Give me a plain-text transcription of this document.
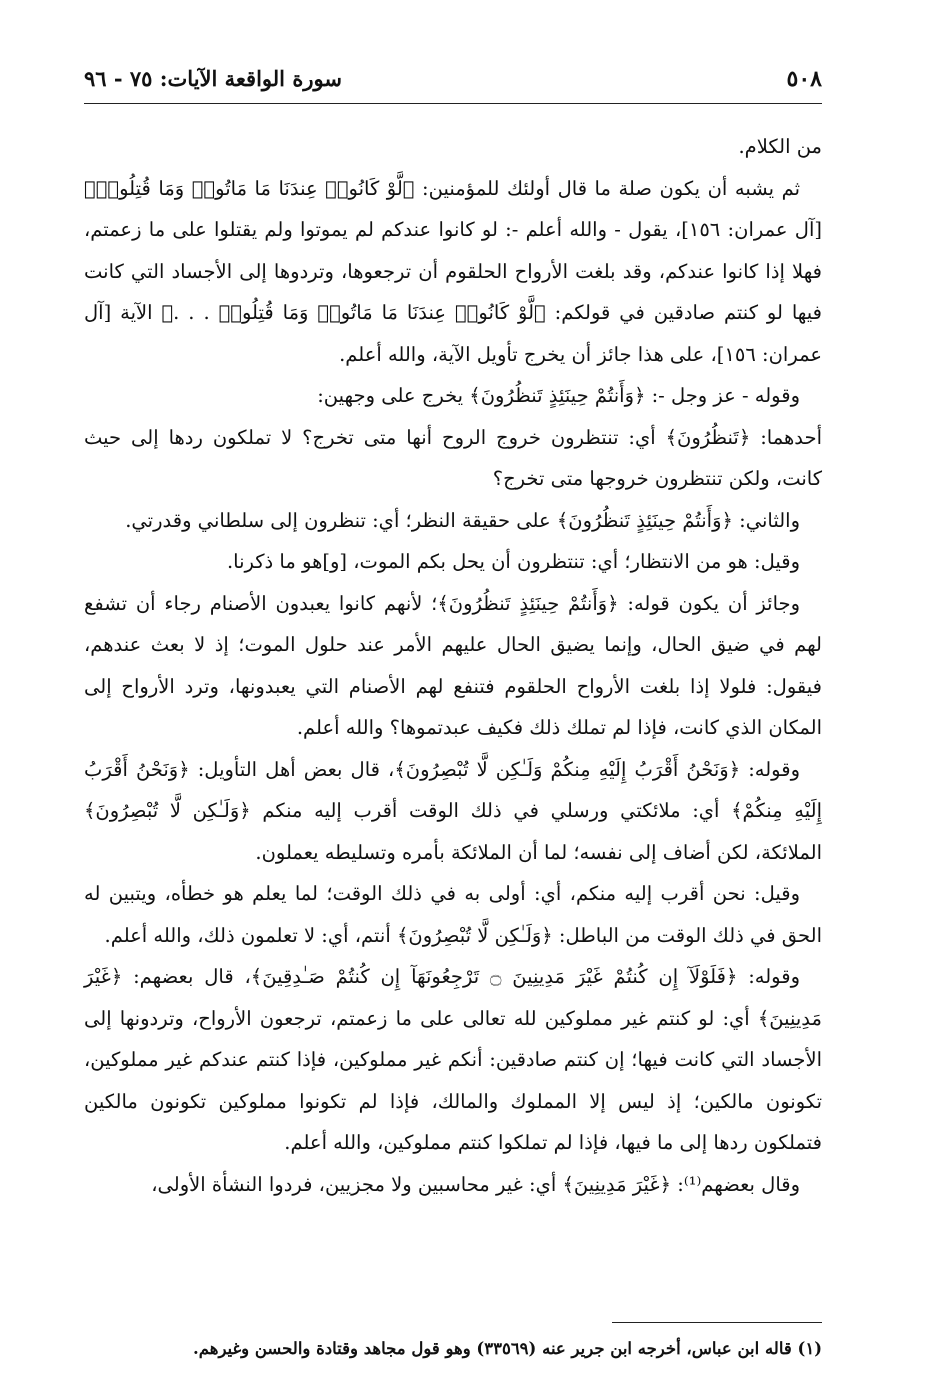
٥٠٨
سورة الواقعة الآيات: ٧٥ - ٩٦

من الكلام.

ثم يشبه أن يكون صلة ما قال أولئك للمؤمنين: ﴿لَّوْ كَانُوا۟ عِندَنَا مَا مَاتُوا۟ وَمَا قُتِلُوا۟﴾ [آل عمران: ١٥٦]، يقول - والله أعلم -: لو كانوا عندكم لم يموتوا ولم يقتلوا على ما زعمتم، فهلا إذا كانوا عندكم، وقد بلغت الأرواح الحلقوم أن ترجعوها، وتردوها إلى الأجساد التي كانت فيها لو كنتم صادقين في قولكم: ﴿لَّوْ كَانُوا۟ عِندَنَا مَا مَاتُوا۟ وَمَا قُتِلُوا۟ . . .﴾ الآية [آل عمران: ١٥٦]، على هذا جائز أن يخرج تأويل الآية، والله أعلم.

وقوله - عز وجل -: ﴿وَأَنتُمْ حِينَئِذٍ تَنظُرُونَ﴾ يخرج على وجهين:

أحدهما: ﴿تَنظُرُونَ﴾ أي: تنتظرون خروج الروح أنها متى تخرج؟ لا تملكون ردها إلى حيث كانت، ولكن تنتظرون خروجها متى تخرج؟

والثاني: ﴿وَأَنتُمْ حِينَئِذٍ تَنظُرُونَ﴾ على حقيقة النظر؛ أي: تنظرون إلى سلطاني وقدرتي.

وقيل: هو من الانتظار؛ أي: تنتظرون أن يحل بكم الموت، [و]هو ما ذكرنا.

وجائز أن يكون قوله: ﴿وَأَنتُمْ حِينَئِذٍ تَنظُرُونَ﴾؛ لأنهم كانوا يعبدون الأصنام رجاء أن تشفع لهم في ضيق الحال، وإنما يضيق الحال عليهم الأمر عند حلول الموت؛ إذ لا بعث عندهم، فيقول: فلولا إذا بلغت الأرواح الحلقوم فتنفع لهم الأصنام التي يعبدونها، وترد الأرواح إلى المكان الذي كانت، فإذا لم تملك ذلك فكيف عبدتموها؟ والله أعلم.

وقوله: ﴿وَنَحْنُ أَقْرَبُ إِلَيْهِ مِنكُمْ وَلَـٰكِن لَّا تُبْصِرُونَ﴾، قال بعض أهل التأويل: ﴿وَنَحْنُ أَقْرَبُ إِلَيْهِ مِنكُمْ﴾ أي: ملائكتي ورسلي في ذلك الوقت أقرب إليه منكم ﴿وَلَـٰكِن لَّا تُبْصِرُونَ﴾ الملائكة، لكن أضاف إلى نفسه؛ لما أن الملائكة بأمره وتسليطه يعملون.

وقيل: نحن أقرب إليه منكم، أي: أولى به في ذلك الوقت؛ لما يعلم هو خطأه، ويتبين له الحق في ذلك الوقت من الباطل: ﴿وَلَـٰكِن لَّا تُبْصِرُونَ﴾ أنتم، أي: لا تعلمون ذلك، والله أعلم.

وقوله: ﴿فَلَوْلَآ إِن كُنتُمْ غَيْرَ مَدِينِينَ ۝ تَرْجِعُونَهَآ إِن كُنتُمْ صَـٰدِقِينَ﴾، قال بعضهم: ﴿غَيْرَ مَدِينِينَ﴾ أي: لو كنتم غير مملوكين لله تعالى على ما زعمتم، ترجعون الأرواح، وتردونها إلى الأجساد التي كانت فيها؛ إن كنتم صادقين: أنكم غير مملوكين، فإذا كنتم عندكم غير مملوكين، تكونون مالكين؛ إذ ليس إلا المملوك والمالك، فإذا لم تكونوا مملوكين تكونون مالكين فتملكون ردها إلى ما فيها، فإذا لم تملكوا كنتم مملوكين، والله أعلم.

وقال بعضهم⁽¹⁾: ﴿غَيْرَ مَدِينِينَ﴾ أي: غير محاسبين ولا مجزيين، فردوا النشأة الأولى،

(١) قاله ابن عباس، أخرجه ابن جرير عنه (٣٣٥٦٩) وهو قول مجاهد وقتادة والحسن وغيرهم.
